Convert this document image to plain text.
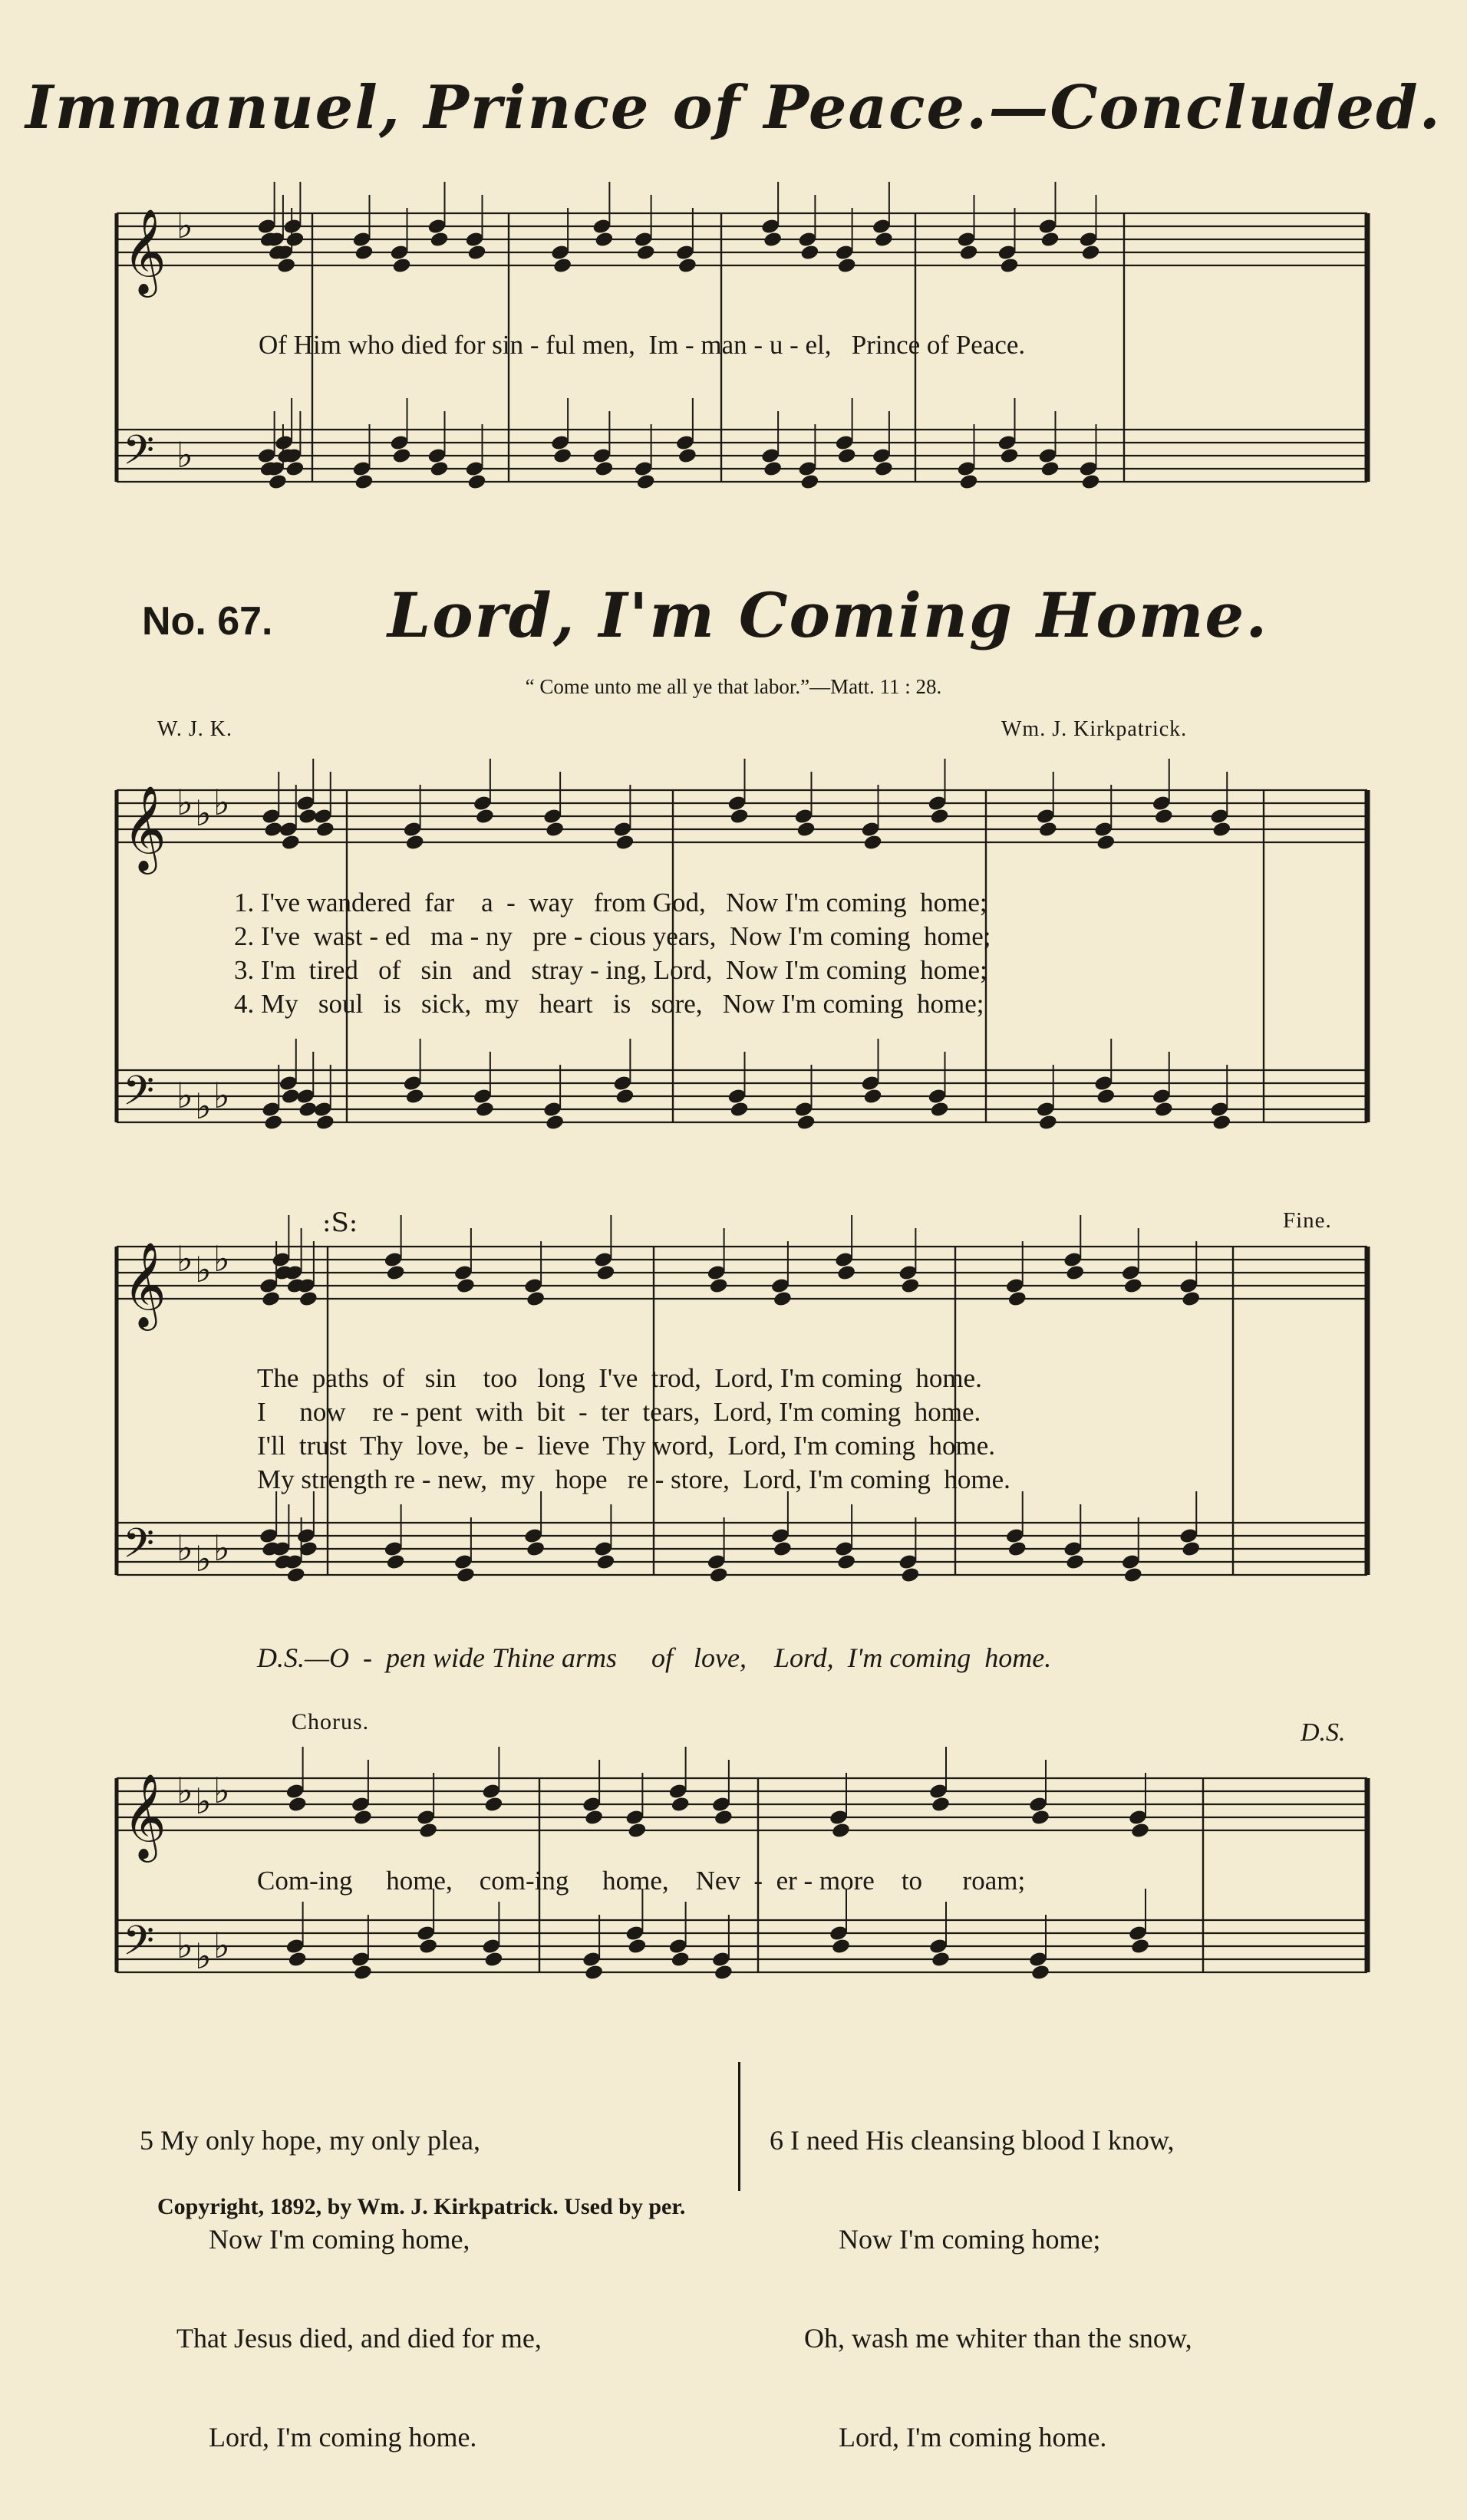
Immanuel, Prince of Peace.—Concluded.
𝄞 ♭
𝄢 ♭
𝄞 ♭ ♭ ♭
𝄢 ♭ ♭ ♭
𝄞 ♭ ♭ ♭
𝄢 ♭ ♭ ♭
𝄞 ♭ ♭ ♭
𝄢 ♭ ♭ ♭
:S:
Of Him who died for sin - ful men,  Im - man - u - el,   Prince of Peace.
No. 67. Lord, I'm Coming Home.
“ Come unto me all ye that labor.”—Matt. 11 : 28.
W. J. K.	Wm. J. Kirkpatrick.
1. I've wandered  far    a  -  way   from God,   Now I'm coming  home;
2. I've  wast - ed   ma - ny   pre - cious years,  Now I'm coming  home;
3. I'm  tired   of   sin   and   stray - ing, Lord,  Now I'm coming  home;
4. My   soul   is   sick,  my   heart   is   sore,   Now I'm coming  home;
Fine.
The  paths  of   sin    too   long  I've  trod,  Lord, I'm coming  home.
I     now    re - pent  with  bit  -  ter  tears,  Lord, I'm coming  home.
I'll  trust  Thy  love,  be -  lieve  Thy word,  Lord, I'm coming  home.
My strength re - new,  my   hope   re - store,  Lord, I'm coming  home.
D.S.—O  -  pen wide Thine arms     of   love,    Lord,  I'm coming  home.
Chorus.	D.S.
Com-ing     home,    com-ing     home,    Nev  -  er - more    to      roam;

5 My only hope, my only plea,

Now I'm coming home,

That Jesus died, and died for me,

Lord, I'm coming home.

6 I need His cleansing blood I know,

Now I'm coming home;

Oh, wash me whiter than the snow,

Lord, I'm coming home.

Copyright, 1892, by Wm. J. Kirkpatrick. Used by per.
